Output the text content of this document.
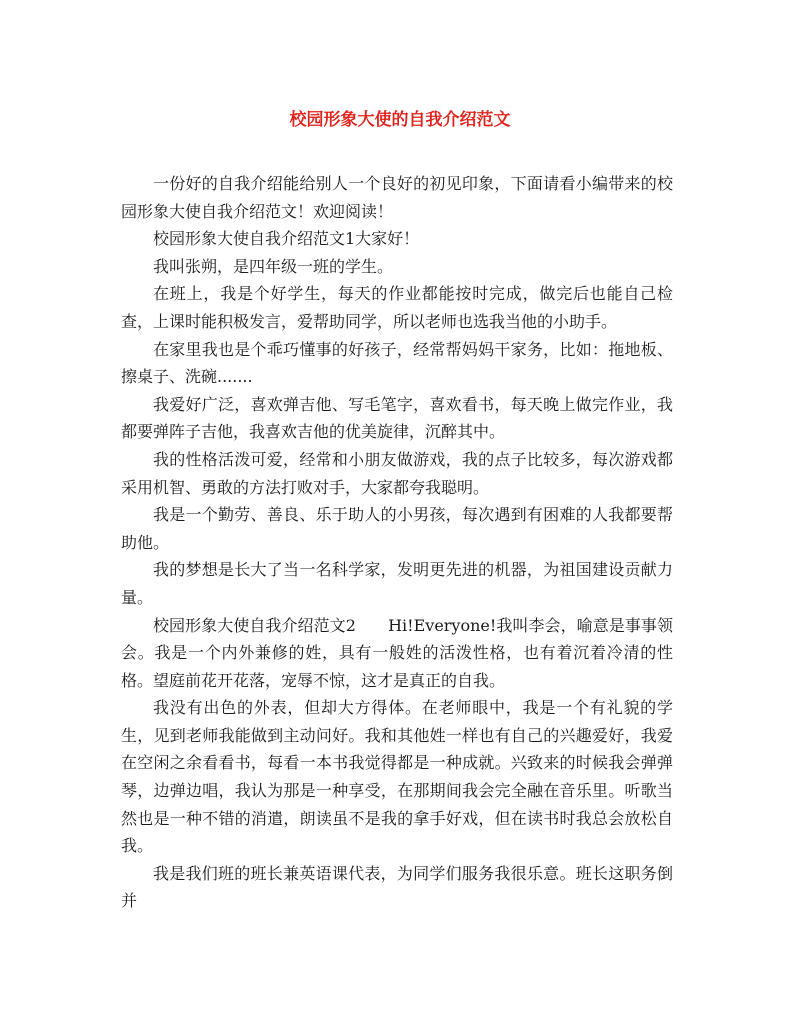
校园形象大使的自我介绍范文

一份好的自我介绍能给别人一个良好的初见印象，下面请看小编带来的校园形象大使自我介绍范文！欢迎阅读！

校园形象大使自我介绍范文1大家好！

我叫张朔，是四年级一班的学生。

在班上，我是个好学生，每天的作业都能按时完成，做完后也能自己检查，上课时能积极发言，爱帮助同学，所以老师也选我当他的小助手。

在家里我也是个乖巧懂事的好孩子，经常帮妈妈干家务，比如：拖地板、擦桌子、洗碗.......

我爱好广泛，喜欢弹吉他、写毛笔字，喜欢看书，每天晚上做完作业，我都要弹阵子吉他，我喜欢吉他的优美旋律，沉醉其中。

我的性格活泼可爱，经常和小朋友做游戏，我的点子比较多，每次游戏都采用机智、勇敢的方法打败对手，大家都夸我聪明。

我是一个勤劳、善良、乐于助人的小男孩，每次遇到有困难的人我都要帮助他。

我的梦想是长大了当一名科学家，发明更先进的机器，为祖国建设贡献力量。

校园形象大使自我介绍范文2　　Hi!Everyone!我叫李会，喻意是事事领会。我是一个内外兼修的姓，具有一般姓的活泼性格，也有着沉着冷清的性格。望庭前花开花落，宠辱不惊，这才是真正的自我。

我没有出色的外表，但却大方得体。在老师眼中，我是一个有礼貌的学生，见到老师我能做到主动问好。我和其他姓一样也有自己的兴趣爱好，我爱在空闲之余看看书，每看一本书我觉得都是一种成就。兴致来的时候我会弹弹琴，边弹边唱，我认为那是一种享受，在那期间我会完全融在音乐里。听歌当然也是一种不错的消遣，朗读虽不是我的拿手好戏，但在读书时我总会放松自我。

我是我们班的班长兼英语课代表，为同学们服务我很乐意。班长这职务倒并
